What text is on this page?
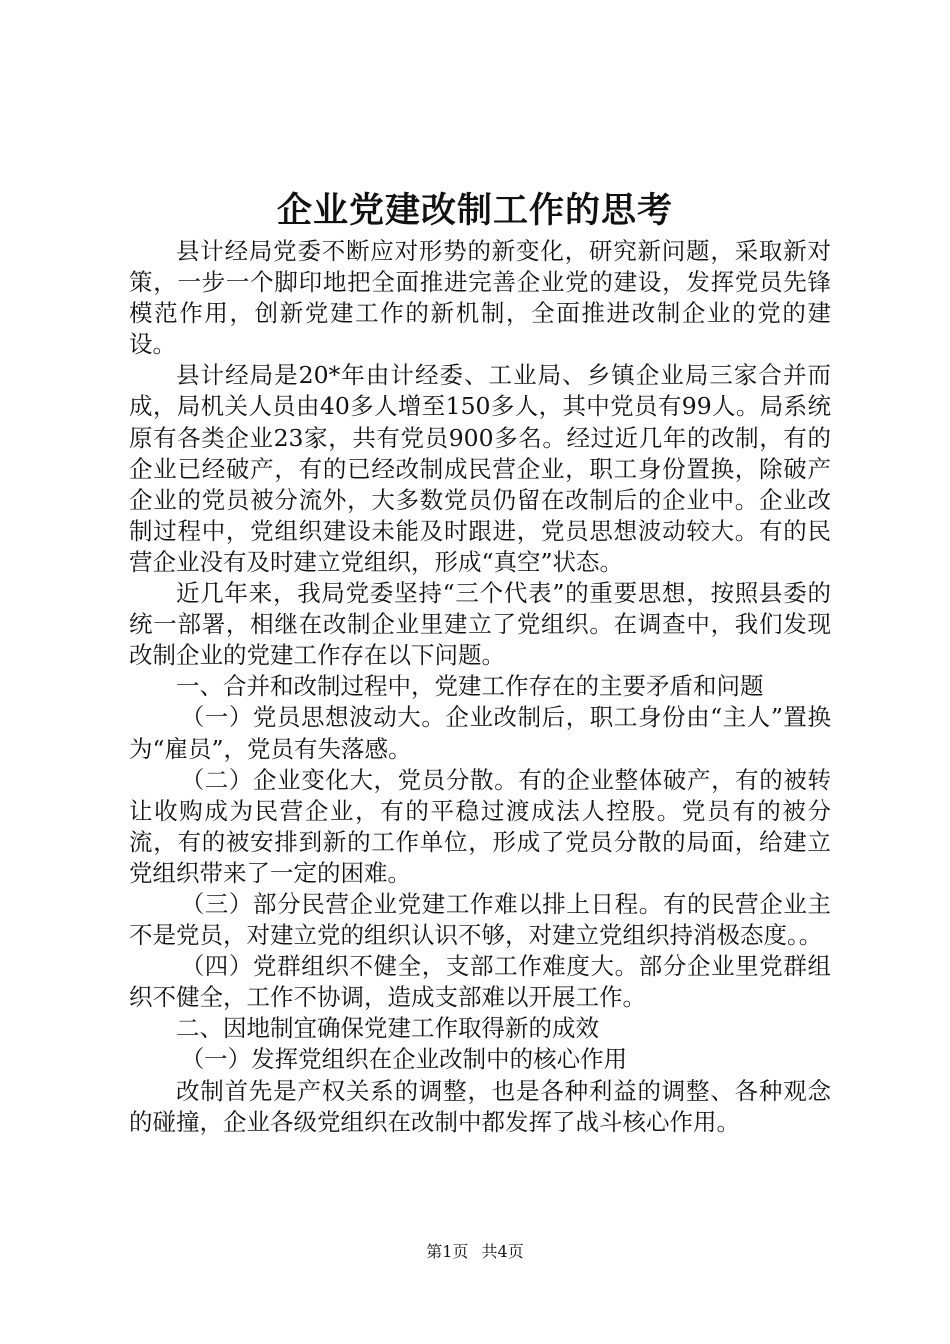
企业党建改制工作的思考

县计经局党委不断应对形势的新变化，研究新问题，采取新对策，一步一个脚印地把全面推进完善企业党的建设，发挥党员先锋模范作用，创新党建工作的新机制，全面推进改制企业的党的建设。

县计经局是20*年由计经委、工业局、乡镇企业局三家合并而成，局机关人员由40多人增至150多人，其中党员有99人。局系统原有各类企业23家，共有党员900多名。经过近几年的改制，有的企业已经破产，有的已经改制成民营企业，职工身份置换，除破产企业的党员被分流外，大多数党员仍留在改制后的企业中。企业改制过程中，党组织建设未能及时跟进，党员思想波动较大。有的民营企业没有及时建立党组织，形成“真空”状态。

近几年来，我局党委坚持“三个代表”的重要思想，按照县委的统一部署，相继在改制企业里建立了党组织。在调查中，我们发现改制企业的党建工作存在以下问题。

一、合并和改制过程中，党建工作存在的主要矛盾和问题

（一）党员思想波动大。企业改制后，职工身份由“主人”置换为“雇员”，党员有失落感。

（二）企业变化大，党员分散。有的企业整体破产，有的被转让收购成为民营企业，有的平稳过渡成法人控股。党员有的被分流，有的被安排到新的工作单位，形成了党员分散的局面，给建立党组织带来了一定的困难。

（三）部分民营企业党建工作难以排上日程。有的民营企业主不是党员，对建立党的组织认识不够，对建立党组织持消极态度。。

（四）党群组织不健全，支部工作难度大。部分企业里党群组织不健全，工作不协调，造成支部难以开展工作。

二、因地制宜确保党建工作取得新的成效

（一）发挥党组织在企业改制中的核心作用

改制首先是产权关系的调整，也是各种利益的调整、各种观念的碰撞，企业各级党组织在改制中都发挥了战斗核心作用。

第1页 共4页
